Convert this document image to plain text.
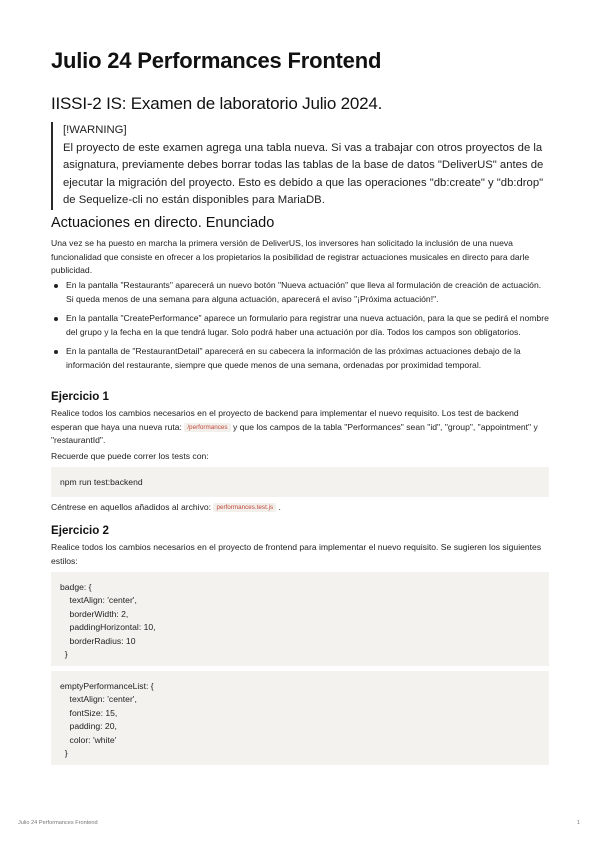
Julio 24 Performances Frontend
IISSI-2 IS: Examen de laboratorio Julio 2024.

[!WARNING]

El proyecto de este examen agrega una tabla nueva. Si vas a trabajar con otros proyectos de la asignatura, previamente debes borrar todas las tablas de la base de datos "DeliverUS" antes de ejecutar la migración del proyecto. Esto es debido a que las operaciones "db:create" y "db:drop" de Sequelize-cli no están disponibles para MariaDB.

Actuaciones en directo. Enunciado

Una vez se ha puesto en marcha la primera versión de DeliverUS, los inversores han solicitado la inclusión de una nueva funcionalidad que consiste en ofrecer a los propietarios la posibilidad de registrar actuaciones musicales en directo para darle publicidad.

En la pantalla "Restaurants" aparecerá un nuevo botón "Nueva actuación" que lleva al formulación de creación de actuación. Si queda menos de una semana para alguna actuación, aparecerá el aviso "¡Próxima actuación!".
En la pantalla "CreatePerformance" aparece un formulario para registrar una nueva actuación, para la que se pedirá el nombre del grupo y la fecha en la que tendrá lugar. Solo podrá haber una actuación por día. Todos los campos son obligatorios.
En la pantalla de "RestaurantDetail" aparecerá en su cabecera la información de las próximas actuaciones debajo de la información del restaurante, siempre que quede menos de una semana, ordenadas por proximidad temporal.
Ejercicio 1

Realice todos los cambios necesarios en el proyecto de backend para implementar el nuevo requisito. Los test de backend esperan que haya una nueva ruta: /performances y que los campos de la tabla "Performances" sean "id", "group", "appointment" y "restaurantId".

Recuerde que puede correr los tests con:

npm run test:backend

Céntrese en aquellos añadidos al archivo: performances.test.js .

Ejercicio 2

Realice todos los cambios necesarios en el proyecto de frontend para implementar el nuevo requisito. Se sugieren los siguientes estilos:

badge: {
textAlign: 'center',
borderWidth: 2,
paddingHorizontal: 10,
borderRadius: 10
}
emptyPerformanceList: {
textAlign: 'center',
fontSize: 15,
padding: 20,
color: 'white'
}
Julio 24 Performances Frontend	1
